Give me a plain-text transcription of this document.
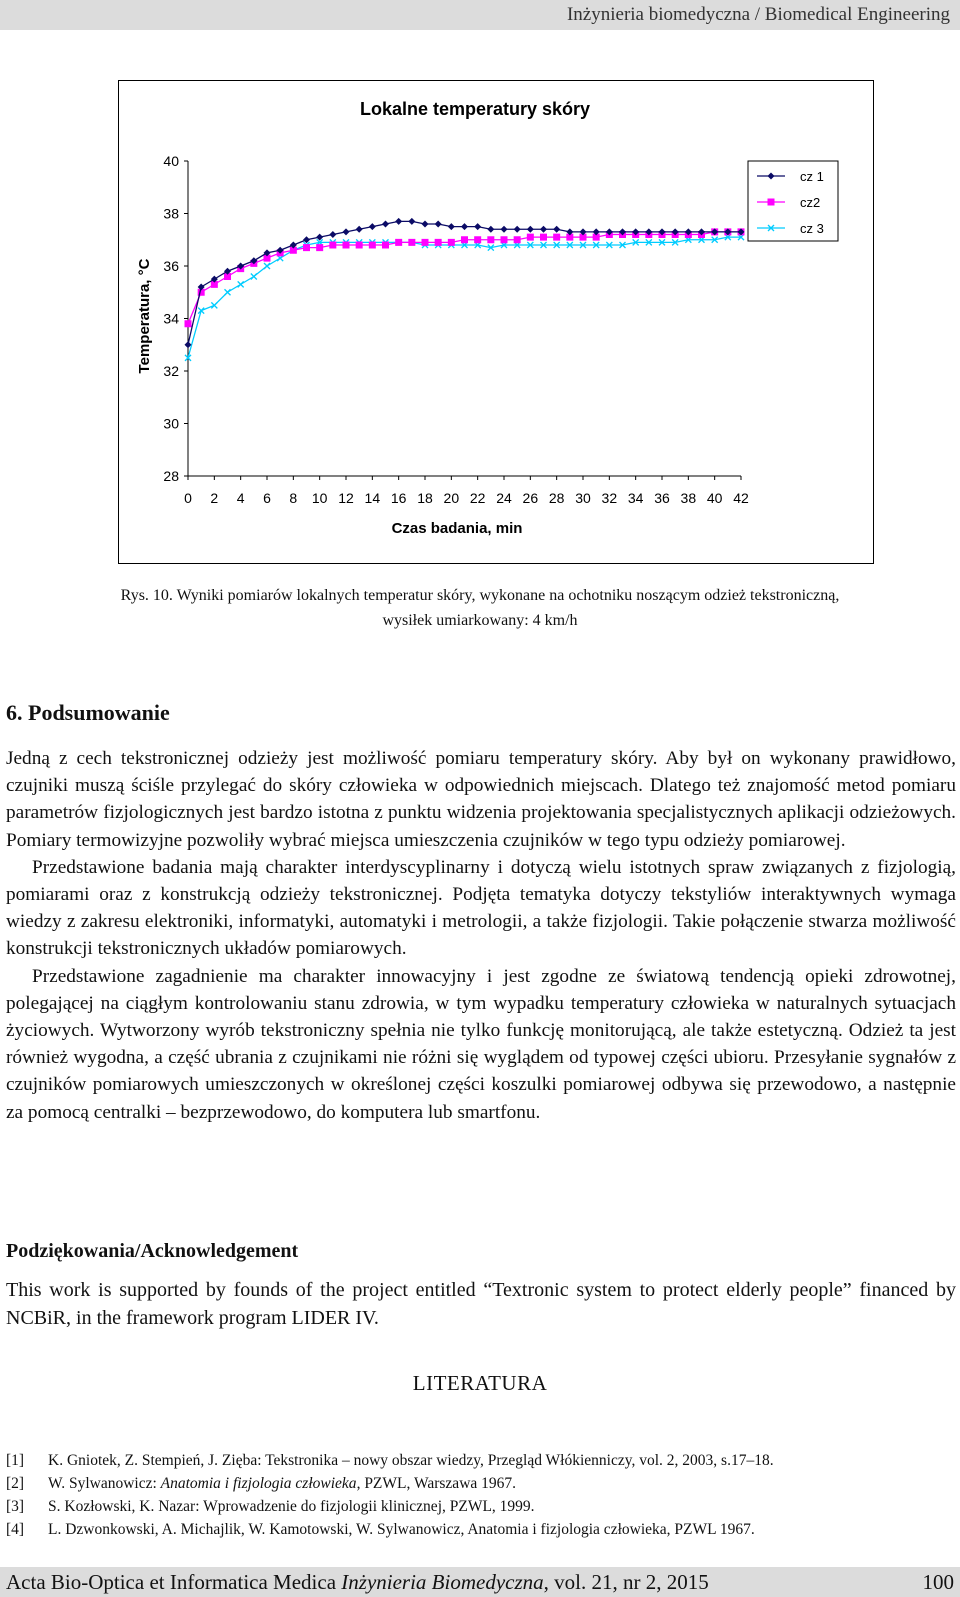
Inżynieria biomedyczna / Biomedical Engineering
Lokalne temperatury skóry
Temperatura, °C
Czas badania, min
28
30
32
34
36
38
40
0 2 4 6 8 10 12 14 16 18 20 22 24 26 28 30 32 34 36 38 40 42
cz 1
cz2
cz 3
Rys. 10. Wyniki pomiarów lokalnych temperatur skóry, wykonane na ochotniku noszącym odzież tekstroniczną,
wysiłek umiarkowany: 4 km/h
6. Podsumowanie

Jedną z cech tekstronicznej odzieży jest możliwość pomiaru temperatury skóry. Aby był on wykonany prawidłowo, czujniki muszą ściśle przylegać do skóry człowieka w odpowiednich miejscach. Dlatego też znajomość metod pomiaru parametrów fizjologicznych jest bardzo istotna z punktu widzenia projektowania specjalistycznych aplikacji odzieżowych. Pomiary termowizyjne pozwoliły wybrać miejsca umieszczenia czujników w tego typu odzieży pomiarowej.

Przedstawione badania mają charakter interdyscyplinarny i dotyczą wielu istotnych spraw związanych z fizjologią, pomiarami oraz z konstrukcją odzieży tekstronicznej. Podjęta tematyka dotyczy tekstyliów interaktywnych wymaga wiedzy z zakresu elektroniki, informatyki, automatyki i metrologii, a także fizjologii. Takie połączenie stwarza możliwość konstrukcji tekstronicznych układów pomiarowych.

Przedstawione zagadnienie ma charakter innowacyjny i jest zgodne ze światową tendencją opieki zdrowotnej, polegającej na ciągłym kontrolowaniu stanu zdrowia, w tym wypadku temperatury człowieka w naturalnych sytuacjach życiowych. Wytworzony wyrób tekstroniczny spełnia nie tylko funkcję monitorującą, ale także estetyczną. Odzież ta jest również wygodna, a część ubrania z czujnikami nie różni się wyglądem od typowej części ubioru. Przesyłanie sygnałów z czujników pomiarowych umieszczonych w określonej części koszulki pomiarowej odbywa się przewodowo, a następnie za pomocą centralki – bezprzewodowo, do komputera lub smartfonu.

Podziękowania/Acknowledgement
This work is supported by founds of the project entitled “Textronic system to protect elderly people” financed by NCBiR, in the framework program LIDER IV.
LITERATURA
[1]	K. Gniotek, Z. Stempień, J. Zięba: Tekstronika – nowy obszar wiedzy, Przegląd Włókienniczy, vol. 2, 2003, s.17–18.
[2]	W. Sylwanowicz: Anatomia i fizjologia człowieka, PZWL, Warszawa 1967.
[3]	S. Kozłowski, K. Nazar: Wprowadzenie do fizjologii klinicznej, PZWL, 1999.
[4]	L. Dzwonkowski, A. Michajlik, W. Kamotowski, W. Sylwanowicz, Anatomia i fizjologia człowieka, PZWL 1967.
Acta Bio-Optica et Informatica Medica Inżynieria Biomedyczna, vol. 21, nr 2, 2015	100
